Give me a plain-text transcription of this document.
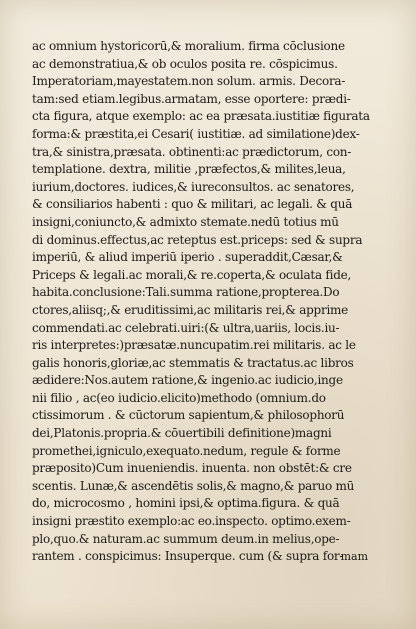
ac omnium hystoricorū,& moralium. firma cōclusione
ac demonstratiua,& ob oculos posita re. cōspicimus.
Imperatoriam,mayestatem.non solum. armis. Decora-
tam:sed etiam.legibus.armatam, esse oportere: prædi-
cta figura, atque exemplo: ac ea præsata.iustitiæ figurata
forma:& præstita,ei Cesari( iustitiæ. ad similatione)dex-
tra,& sinistra,præsata. obtinenti:ac prædictorum, con-
templatione. dextra, militie ,præfectos,& milites,leua,
iurium,doctores. iudices,& iureconsultos. ac senatores,
& consiliarios habenti : quo & militari, ac legali. & quā
insigni,coniuncto,& admixto stemate.nedū totius mū
di dominus.effectus,ac reteptus est.priceps: sed & supra
imperiū, & aliud imperiū iperio . superaddit,Cæsar,&
Priceps & legali.ac morali,& re.coperta,& oculata fide,
habita.conclusione:Tali.summa ratione,propterea.Do
ctores,aliisq;,& eruditissimi,ac militaris rei,& apprime
commendati.ac celebrati.uiri:(& ultra,uariis, locis.iu-
ris interpretes:)præsatæ.nuncupatim.rei militaris. ac le
galis honoris,gloriæ,ac stemmatis & tractatus.ac libros
ædidere:Nos.autem ratione,& ingenio.ac iudicio,inge
nii filio , ac(eo iudicio.elicito)methodo (omnium.do
ctissimorum . & cūctorum sapientum,& philosophorū
dei,Platonis.propria.& cōuertibili definitione)magni
promethei,igniculo,exequato.nedum, regule & forme
præposito)Cum inueniendis. inuenta. non obstēt:& cre
scentis. Lunæ,& ascendētis solis,& magno,& paruo mū
do, microcosmo , homini ipsi,& optima.figura. & quā
insigni præstito exemplo:ac eo.inspecto. optimo.exem-
plo,quo.& naturam.ac summum deum.in melius,ope-
rantem . conspicimus: Insuperque. cum (& supra for-
mam
